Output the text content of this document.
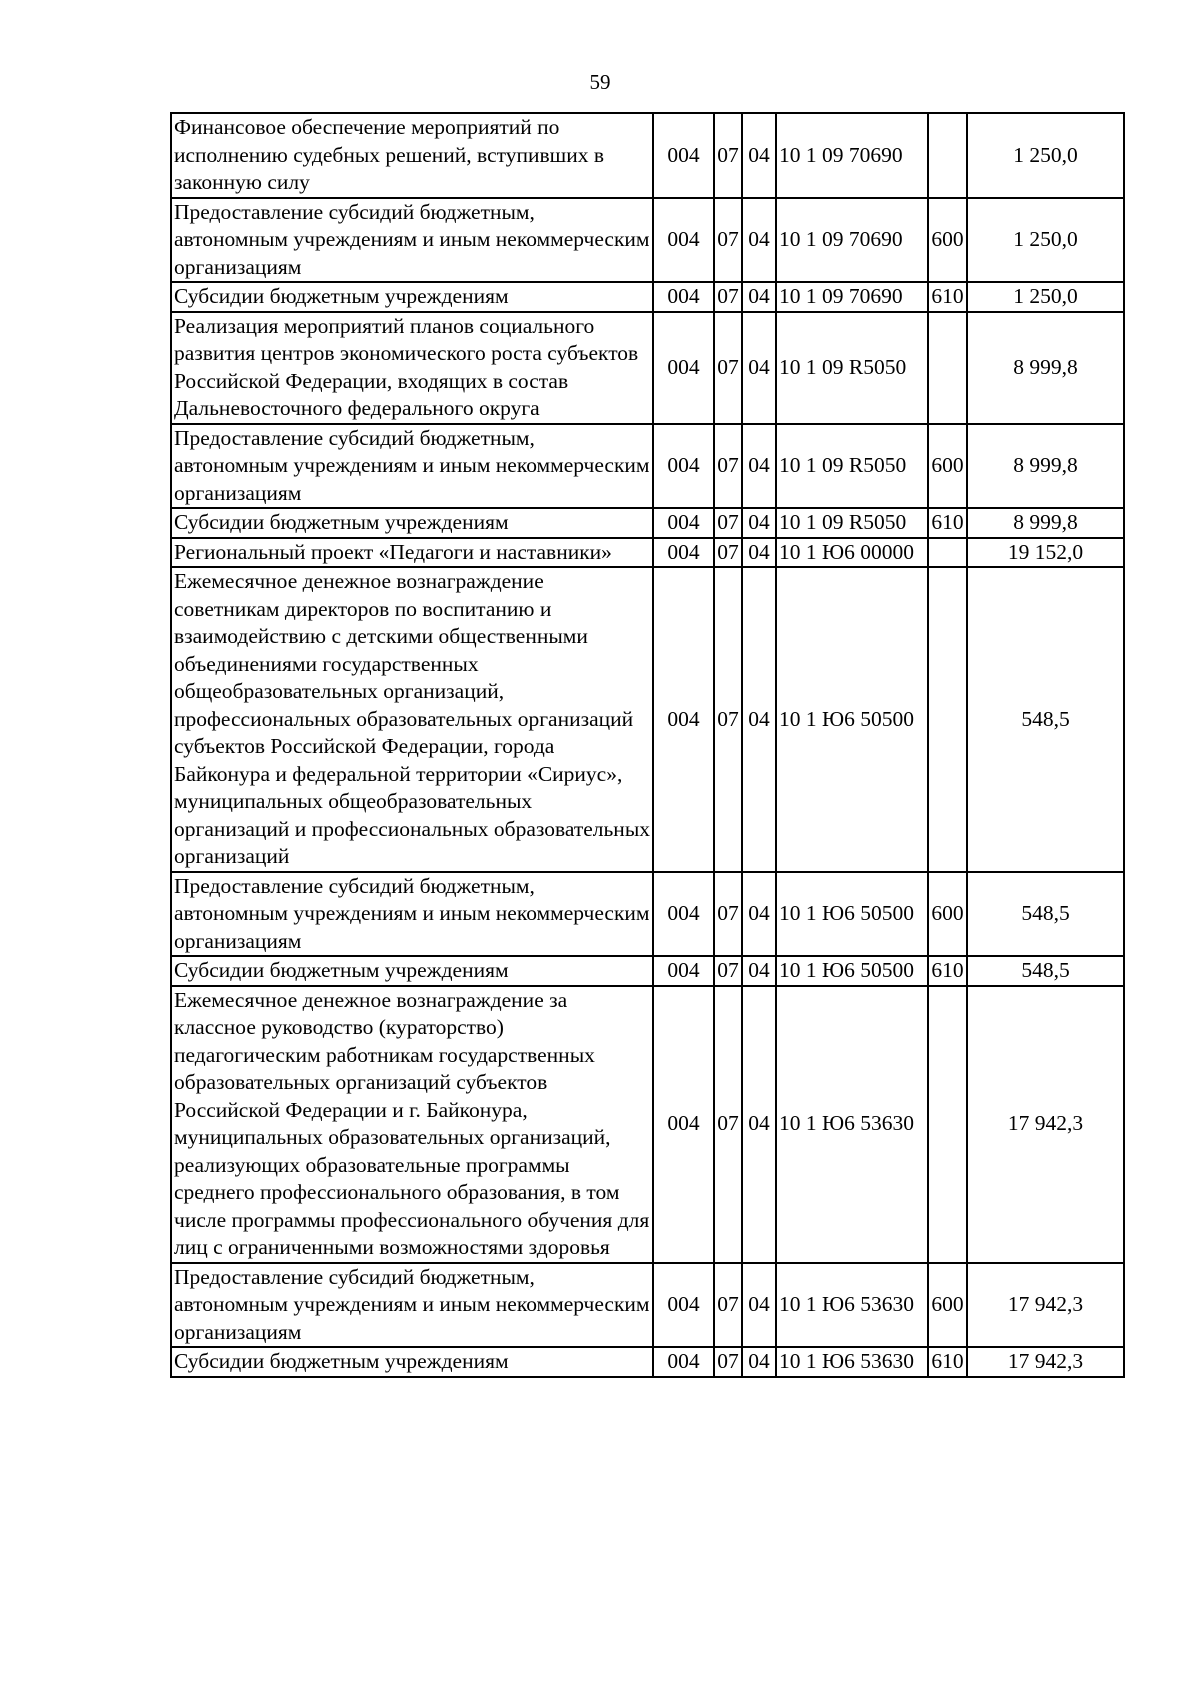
59
Финансовое обеспечение мероприятий по исполнению судебных решений, вступивших в законную силу	004	07	04	10 1 09 70690		1 250,0
Предоставление субсидий бюджетным, автономным учреждениям и иным некоммерческим организациям	004	07	04	10 1 09 70690	600	1 250,0
Субсидии бюджетным учреждениям	004	07	04	10 1 09 70690	610	1 250,0
Реализация мероприятий планов социального развития центров экономического роста субъектов Российской Федерации, входящих в состав Дальневосточного федерального округа	004	07	04	10 1 09 R5050		8 999,8
Предоставление субсидий бюджетным, автономным учреждениям и иным некоммерческим организациям	004	07	04	10 1 09 R5050	600	8 999,8
Субсидии бюджетным учреждениям	004	07	04	10 1 09 R5050	610	8 999,8
Региональный проект «Педагоги и наставники»	004	07	04	10 1 Ю6 00000		19 152,0
Ежемесячное денежное вознаграждение советникам директоров по воспитанию и взаимодействию с детскими общественными объединениями государственных общеобразовательных организаций, профессиональных образовательных организаций субъектов Российской Федерации, города Байконура и федеральной территории «Сириус», муниципальных общеобразовательных организаций и профессиональных образовательных организаций	004	07	04	10 1 Ю6 50500		548,5
Предоставление субсидий бюджетным, автономным учреждениям и иным некоммерческим организациям	004	07	04	10 1 Ю6 50500	600	548,5
Субсидии бюджетным учреждениям	004	07	04	10 1 Ю6 50500	610	548,5
Ежемесячное денежное вознаграждение за классное руководство (кураторство) педагогическим работникам государственных образовательных организаций субъектов Российской Федерации и г. Байконура, муниципальных образовательных организаций, реализующих образовательные программы среднего профессионального образования, в том числе программы профессионального обучения для лиц с ограниченными возможностями здоровья	004	07	04	10 1 Ю6 53630		17 942,3
Предоставление субсидий бюджетным, автономным учреждениям и иным некоммерческим организациям	004	07	04	10 1 Ю6 53630	600	17 942,3
Субсидии бюджетным учреждениям	004	07	04	10 1 Ю6 53630	610	17 942,3
